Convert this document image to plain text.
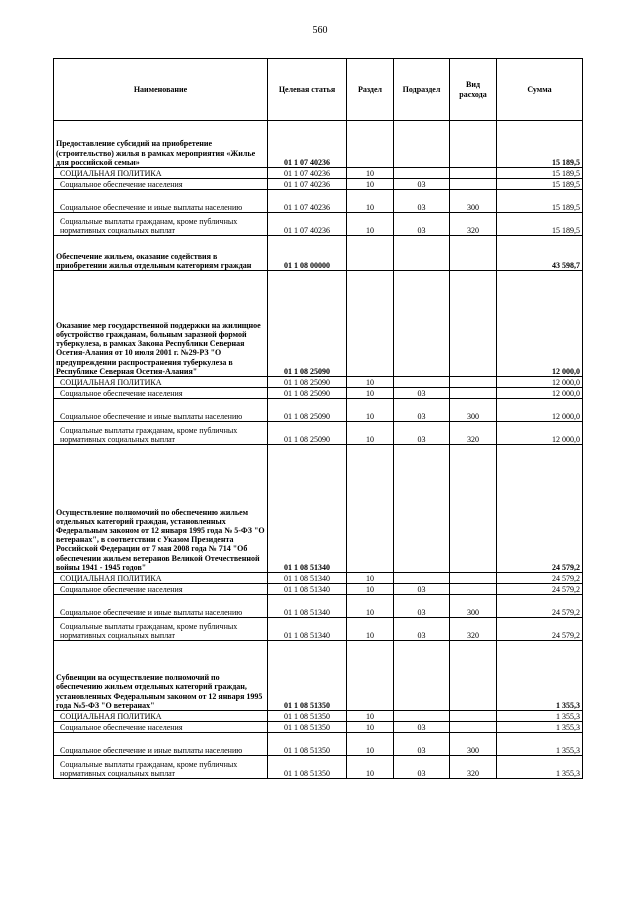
560
Наименование	Целевая статья	Раздел	Подраздел	Вид расхода	Сумма
Предоставление субсидий на приобретение (строительство) жилья в рамках мероприятия «Жилье для российской семьи»	01 1 07 40236				15 189,5
СОЦИАЛЬНАЯ ПОЛИТИКА	01 1 07 40236	10			15 189,5
Социальное обеспечение населения	01 1 07 40236	10	03		15 189,5
Социальное обеспечение и иные выплаты населению	01 1 07 40236	10	03	300	15 189,5
Социальные выплаты гражданам, кроме публичных нормативных социальных выплат	01 1 07 40236	10	03	320	15 189,5
Обеспечение жильем, оказание содействия в приобретении жилья отдельным категориям граждан	01 1 08 00000				43 598,7
Оказание мер государственной поддержки на жилищное обустройство гражданам, больным заразной формой туберкулеза, в рамках Закона Республики Северная Осетия-Алания от 10 июля 2001 г. №29-РЗ "О предупреждении распространения туберкулеза в Республике Северная Осетия-Алания"	01 1 08 25090				12 000,0
СОЦИАЛЬНАЯ ПОЛИТИКА	01 1 08 25090	10			12 000,0
Социальное обеспечение населения	01 1 08 25090	10	03		12 000,0
Социальное обеспечение и иные выплаты населению	01 1 08 25090	10	03	300	12 000,0
Социальные выплаты гражданам, кроме публичных нормативных социальных выплат	01 1 08 25090	10	03	320	12 000,0
Осуществление полномочий по обеспечению жильем отдельных категорий граждан, установленных Федеральным законом от 12 января 1995 года № 5-ФЗ "О ветеранах", в соответствии с Указом Президента Российской Федерации от 7 мая 2008 года № 714 "Об обеспечении жильем ветеранов Великой Отечественной войны 1941 - 1945 годов"	01 1 08 51340				24 579,2
СОЦИАЛЬНАЯ ПОЛИТИКА	01 1 08 51340	10			24 579,2
Социальное обеспечение населения	01 1 08 51340	10	03		24 579,2
Социальное обеспечение и иные выплаты населению	01 1 08 51340	10	03	300	24 579,2
Социальные выплаты гражданам, кроме публичных нормативных социальных выплат	01 1 08 51340	10	03	320	24 579,2
Субвенции на осуществление полномочий по обеспечению жильем отдельных категорий граждан, установленных Федеральным законом от 12 января 1995 года №5-ФЗ "О ветеранах"	01 1 08 51350				1 355,3
СОЦИАЛЬНАЯ ПОЛИТИКА	01 1 08 51350	10			1 355,3
Социальное обеспечение населения	01 1 08 51350	10	03		1 355,3
Социальное обеспечение и иные выплаты населению	01 1 08 51350	10	03	300	1 355,3
Социальные выплаты гражданам, кроме публичных нормативных социальных выплат	01 1 08 51350	10	03	320	1 355,3
